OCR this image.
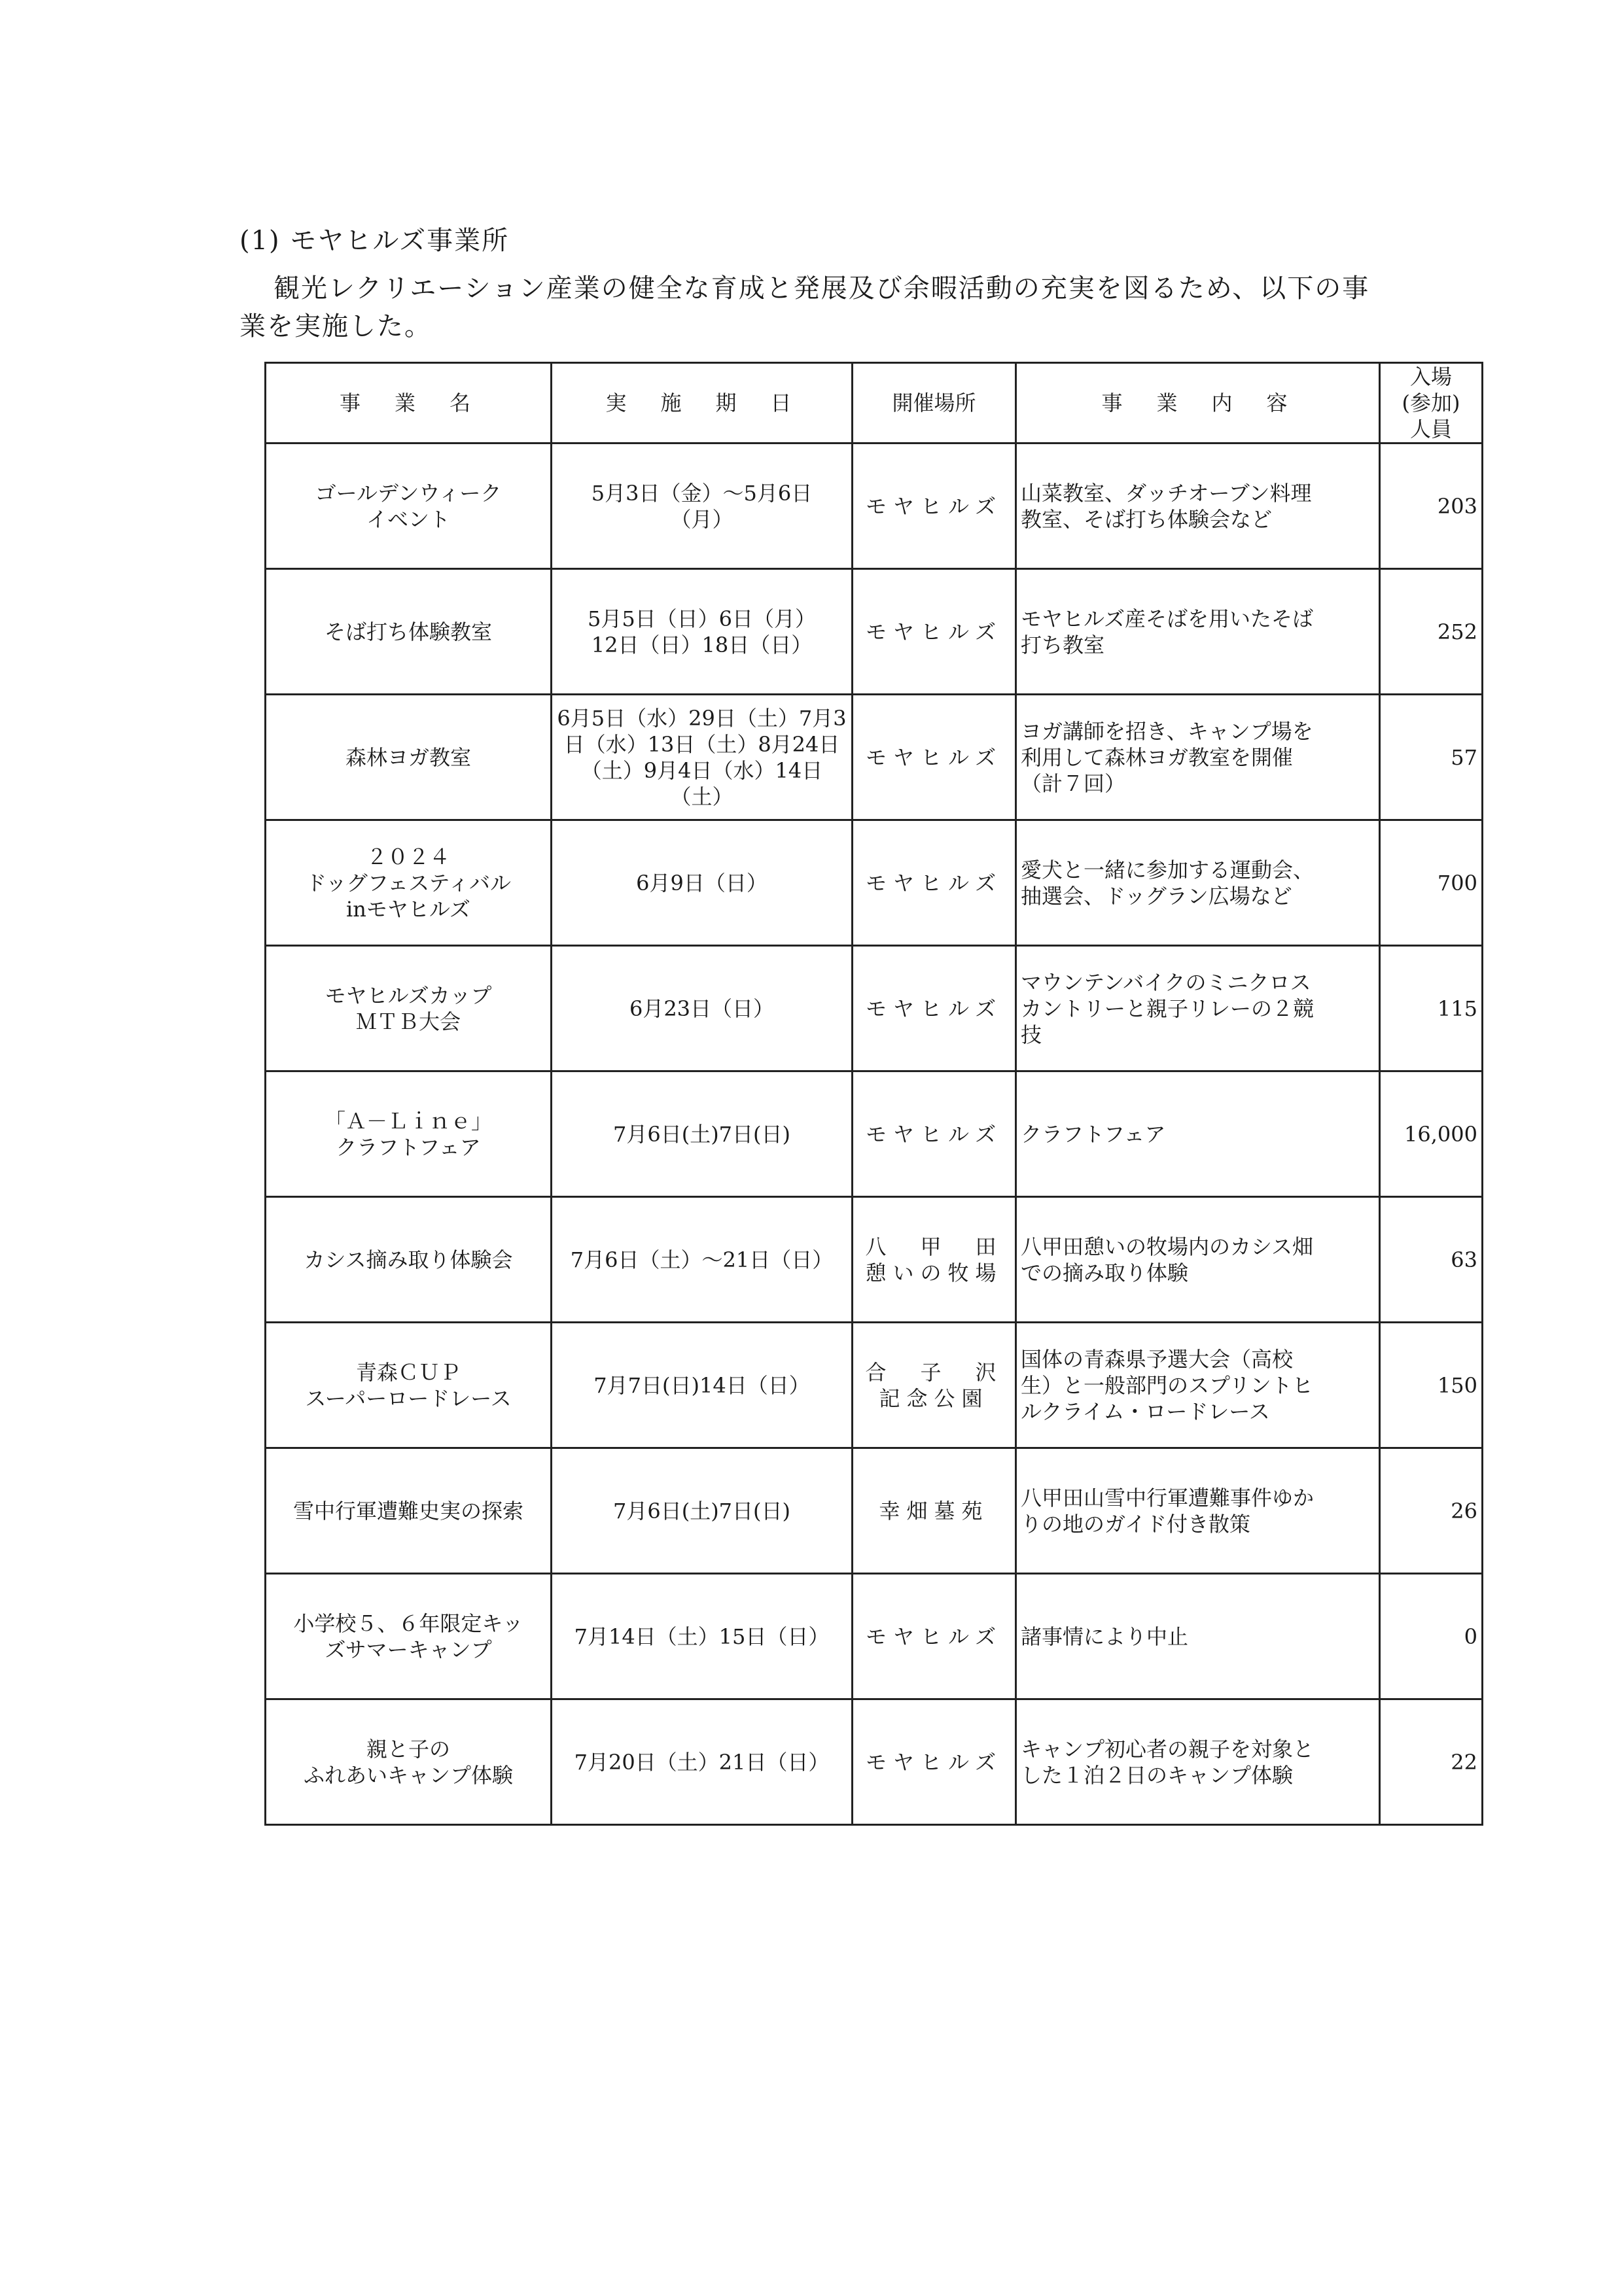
(1) モヤヒルズ事業所
観光レクリエーション産業の健全な育成と発展及び余暇活動の充実を図るため、以下の事
業を実施した。
事　業　名	実　施　期　日	開催場所	事　業　内　容	入場
(参加)
人員
ゴールデンウィーク
イベント	5月3日（金）～5月6日
（月）	モヤヒルズ	山菜教室、ダッチオーブン料理
教室、そば打ち体験会など	203
そば打ち体験教室	5月5日（日）6日（月）
12日（日）18日（日）	モヤヒルズ	モヤヒルズ産そばを用いたそば
打ち教室	252
森林ヨガ教室	6月5日（水）29日（土）7月3
日（水）13日（土）8月24日
（土）9月4日（水）14日
（土）	モヤヒルズ	ヨガ講師を招き、キャンプ場を
利用して森林ヨガ教室を開催
（計７回）	57
２０２４
ドッグフェスティバル
inモヤヒルズ	6月9日（日）	モヤヒルズ	愛犬と一緒に参加する運動会、
抽選会、ドッグラン広場など	700
モヤヒルズカップ
ＭＴＢ大会	6月23日（日）	モヤヒルズ	マウンテンバイクのミニクロス
カントリーと親子リレーの２競
技	115
「Ａ－Ｌｉｎｅ」
クラフトフェア	7月6日(土)7日(日)	モヤヒルズ	クラフトフェア	16,000
カシス摘み取り体験会	7月6日（土）～21日（日）	八　甲　田
憩いの牧場	八甲田憩いの牧場内のカシス畑
での摘み取り体験	63
青森ＣＵＰ
スーパーロードレース	7月7日(日)14日（日）	合　子　沢
記念公園	国体の青森県予選大会（高校
生）と一般部門のスプリントヒ
ルクライム・ロードレース	150
雪中行軍遭難史実の探索	7月6日(土)7日(日)	幸畑墓苑	八甲田山雪中行軍遭難事件ゆか
りの地のガイド付き散策	26
小学校５、６年限定キッ
ズサマーキャンプ	7月14日（土）15日（日）	モヤヒルズ	諸事情により中止	0
親と子の
ふれあいキャンプ体験	7月20日（土）21日（日）	モヤヒルズ	キャンプ初心者の親子を対象と
した１泊２日のキャンプ体験	22
